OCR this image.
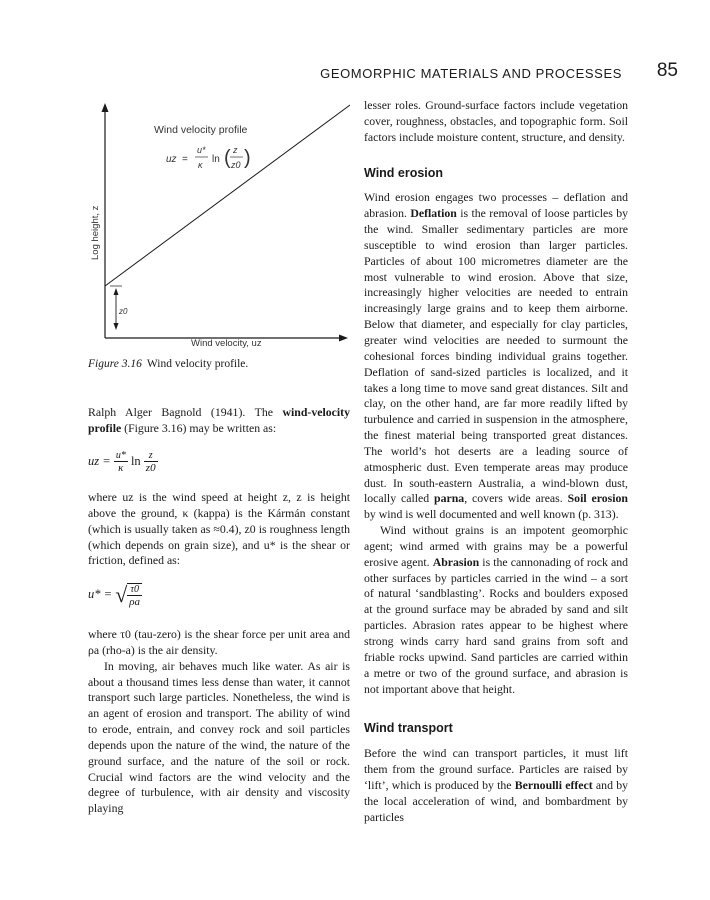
GEOMORPHIC MATERIALS AND PROCESSES 85
z0
Log height, z
Wind velocity, uz
Wind velocity profile
uz =
u*
κ ln ( z
z0 )
Figure 3.16 Wind velocity profile.

Ralph Alger Bagnold (1941). The wind-velocity profile (Figure 3.16) may be written as:

uz = $\frac{u*}{\kappa}$ $\ln \frac{z}{z0}$

where uz is the wind speed at height z, z is height above the ground, κ (kappa) is the Kármán constant (which is usually taken as ≈0.4), z0 is roughness length (which depends on grain size), and u* is the shear or friction, defined as:

u* = √ $\frac{\tau 0}{\rho a}$

where τ0 (tau-zero) is the shear force per unit area and ρa (rho-a) is the air density.

In moving, air behaves much like water. As air is about a thousand times less dense than water, it cannot transport such large particles. Nonetheless, the wind is an agent of erosion and transport. The ability of wind to erode, entrain, and convey rock and soil particles depends upon the nature of the wind, the nature of the ground surface, and the nature of the soil or rock. Crucial wind factors are the wind velocity and the degree of turbulence, with air density and viscosity playing

lesser roles. Ground-surface factors include vegetation cover, roughness, obstacles, and topographic form. Soil factors include moisture content, structure, and density.

Wind erosion

Wind erosion engages two processes – deflation and abrasion. Deflation is the removal of loose particles by the wind. Smaller sedimentary particles are more susceptible to wind erosion than larger particles. Particles of about 100 micrometres diameter are the most vulnerable to wind erosion. Above that size, increasingly higher velocities are needed to entrain increasingly large grains and to keep them airborne. Below that diameter, and especially for clay particles, greater wind velocities are needed to surmount the cohesional forces binding individual grains together. Deflation of sand-sized particles is localized, and it takes a long time to move sand great distances. Silt and clay, on the other hand, are far more readily lifted by turbulence and carried in suspension in the atmosphere, the finest material being transported great distances. The world’s hot deserts are a leading source of atmospheric dust. Even temperate areas may produce dust. In south-eastern Australia, a wind-blown dust, locally called parna, covers wide areas. Soil erosion by wind is well documented and well known (p. 313).

Wind without grains is an impotent geomorphic agent; wind armed with grains may be a powerful erosive agent. Abrasion is the cannonading of rock and other surfaces by particles carried in the wind – a sort of natural ‘sandblasting’. Rocks and boulders exposed at the ground surface may be abraded by sand and silt particles. Abrasion rates appear to be highest where strong winds carry hard sand grains from soft and friable rocks upwind. Sand particles are carried within a metre or two of the ground surface, and abrasion is not important above that height.

Wind transport

Before the wind can transport particles, it must lift them from the ground surface. Particles are raised by ‘lift’, which is produced by the Bernoulli effect and by the local acceleration of wind, and bombardment by particles
